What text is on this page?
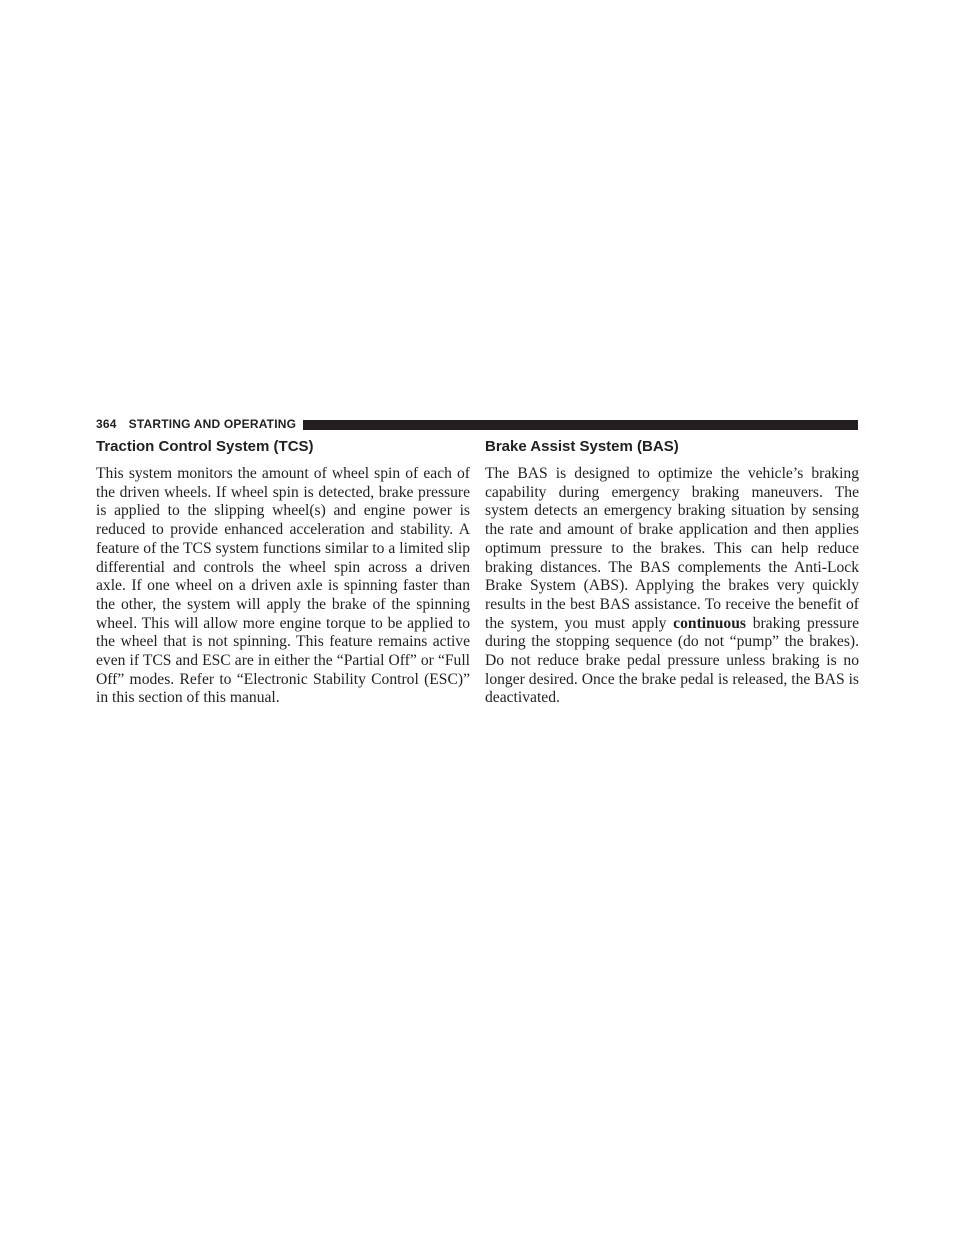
364 STARTING AND OPERATING
Traction Control System (TCS)

This system monitors the amount of wheel spin of each of the driven wheels. If wheel spin is detected, brake pressure is applied to the slipping wheel(s) and engine power is reduced to provide enhanced acceleration and stability. A feature of the TCS system functions similar to a limited slip differential and controls the wheel spin across a driven axle. If one wheel on a driven axle is spinning faster than the other, the system will apply the brake of the spinning wheel. This will allow more engine torque to be applied to the wheel that is not spinning. This feature remains active even if TCS and ESC are in either the “Partial Off” or “Full Off” modes. Refer to “Electronic Stability Control (ESC)” in this section of this manual.

Brake Assist System (BAS)

The BAS is designed to optimize the vehicle’s braking capability during emergency braking maneuvers. The system detects an emergency braking situation by sensing the rate and amount of brake application and then applies optimum pressure to the brakes. This can help reduce braking distances. The BAS complements the Anti-Lock Brake System (ABS). Applying the brakes very quickly results in the best BAS assistance. To receive the benefit of the system, you must apply continuous braking pressure during the stopping sequence (do not “pump” the brakes). Do not reduce brake pedal pressure unless braking is no longer desired. Once the brake pedal is released, the BAS is deactivated.
